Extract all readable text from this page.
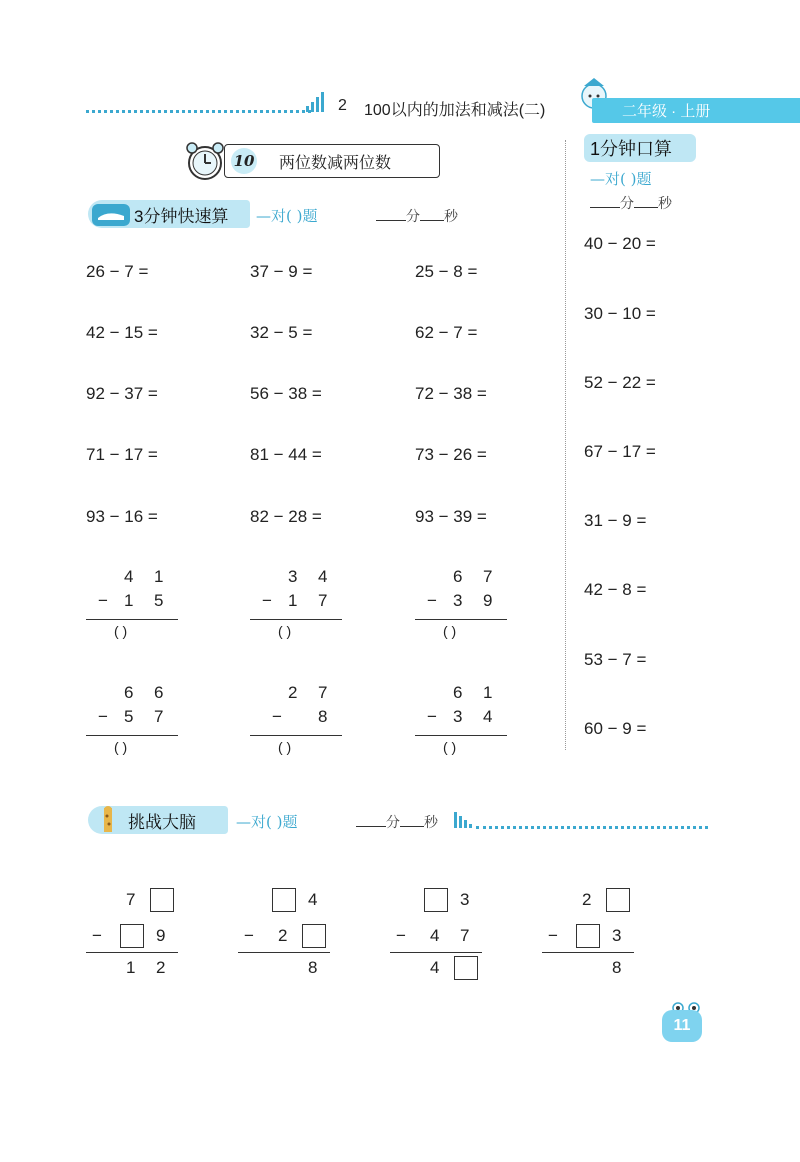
2 100以内的加法和减法(二)	二年级 · 上册
10 两位数减两位数
3分钟快速算 —对( )题	分 秒
26 − 7 =	37 − 9 =	25 − 8 =
42 − 15 =	32 − 5 =	62 − 7 =
92 − 37 =	56 − 38 =	72 − 38 =
71 − 17 =	81 − 44 =	73 − 26 =
93 − 16 =	82 − 28 =	93 − 39 =
4 1
− 1 5
( )
3 4
− 1 7
( )
6 7
− 3 9
( )
6 6
− 5 7
( )
2 7
− 8
( )
6 1
− 3 4
( )
1分钟口算
—对( )题
分 秒
40 − 20 =
30 − 10 =
52 − 22 =
67 − 17 =
31 − 9 =
42 − 8 =
53 − 7 =
60 − 9 =
挑战大脑	—对( )题	分 秒
7
−	9
1 2
4
− 2
8
3
− 4 7
4
2
−	3
8
11
